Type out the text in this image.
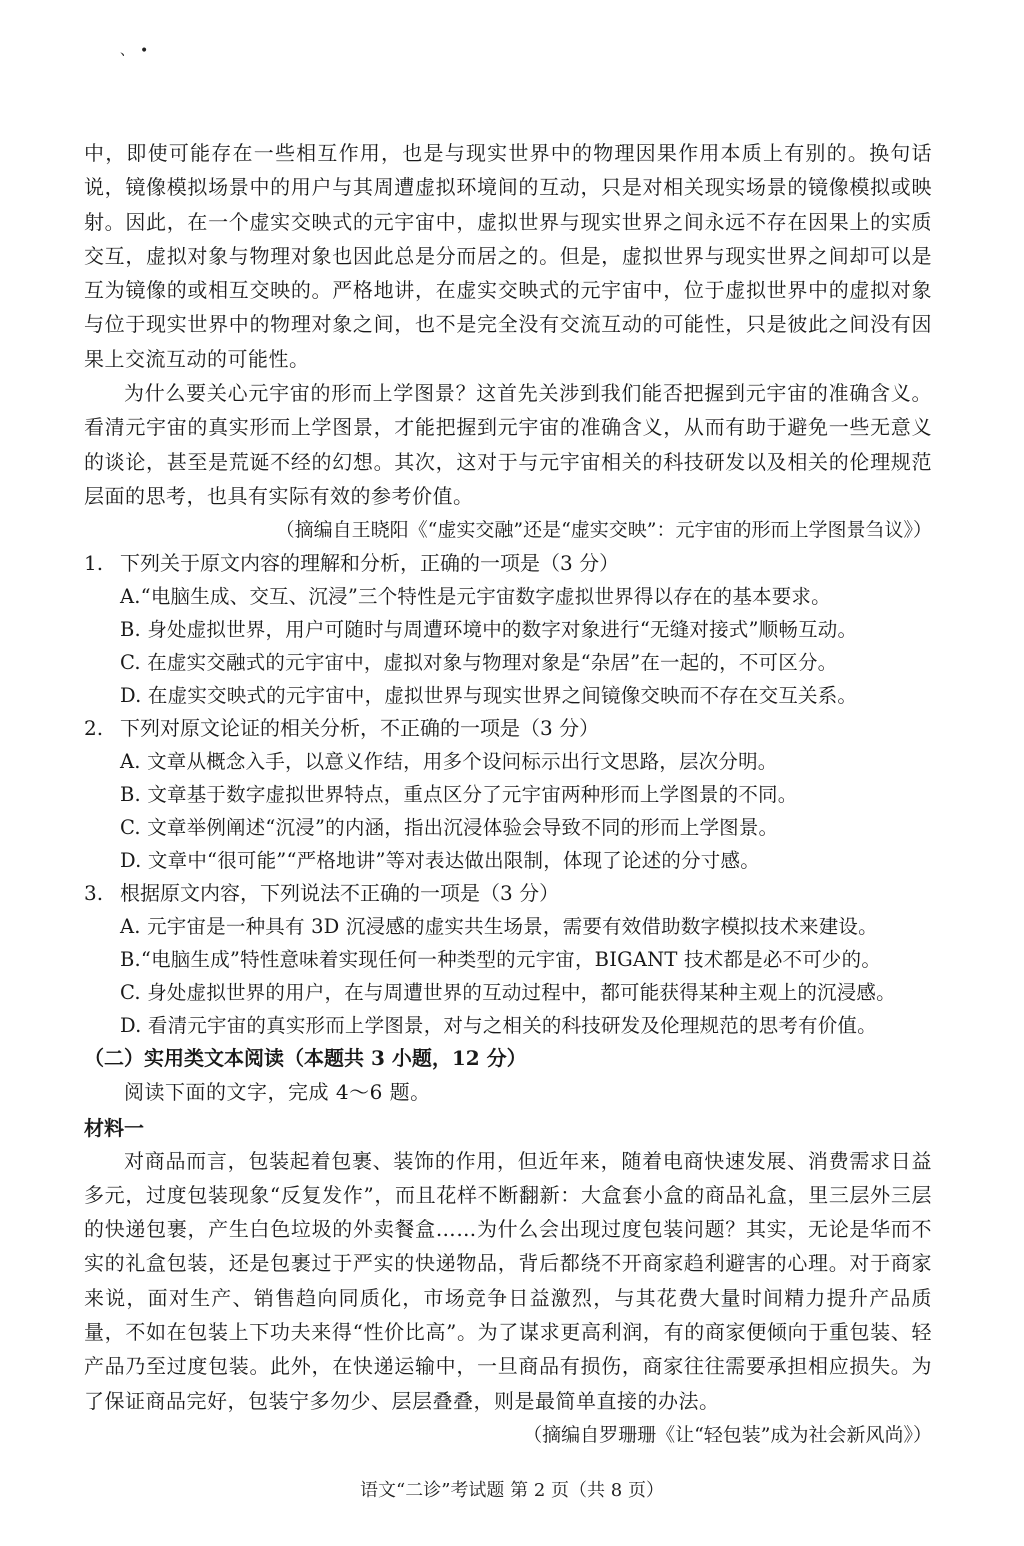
、•

中，即使可能存在一些相互作用，也是与现实世界中的物理因果作用本质上有别的。换句话说，镜像模拟场景中的用户与其周遭虚拟环境间的互动，只是对相关现实场景的镜像模拟或映射。因此，在一个虚实交映式的元宇宙中，虚拟世界与现实世界之间永远不存在因果上的实质交互，虚拟对象与物理对象也因此总是分而居之的。但是，虚拟世界与现实世界之间却可以是互为镜像的或相互交映的。严格地讲，在虚实交映式的元宇宙中，位于虚拟世界中的虚拟对象与位于现实世界中的物理对象之间，也不是完全没有交流互动的可能性，只是彼此之间没有因果上交流互动的可能性。

为什么要关心元宇宙的形而上学图景？这首先关涉到我们能否把握到元宇宙的准确含义。看清元宇宙的真实形而上学图景，才能把握到元宇宙的准确含义，从而有助于避免一些无意义的谈论，甚至是荒诞不经的幻想。其次，这对于与元宇宙相关的科技研发以及相关的伦理规范层面的思考，也具有实际有效的参考价值。

（摘编自王晓阳《“虚实交融”还是“虚实交映”：元宇宙的形而上学图景刍议》）

1. 下列关于原文内容的理解和分析，正确的一项是（3 分）

A.“电脑生成、交互、沉浸”三个特性是元宇宙数字虚拟世界得以存在的基本要求。

B. 身处虚拟世界，用户可随时与周遭环境中的数字对象进行“无缝对接式”顺畅互动。

C. 在虚实交融式的元宇宙中，虚拟对象与物理对象是“杂居”在一起的，不可区分。

D. 在虚实交映式的元宇宙中，虚拟世界与现实世界之间镜像交映而不存在交互关系。

2. 下列对原文论证的相关分析，不正确的一项是（3 分）

A. 文章从概念入手，以意义作结，用多个设问标示出行文思路，层次分明。

B. 文章基于数字虚拟世界特点，重点区分了元宇宙两种形而上学图景的不同。

C. 文章举例阐述“沉浸”的内涵，指出沉浸体验会导致不同的形而上学图景。

D. 文章中“很可能”“严格地讲”等对表达做出限制，体现了论述的分寸感。

3. 根据原文内容，下列说法不正确的一项是（3 分）

A. 元宇宙是一种具有 3D 沉浸感的虚实共生场景，需要有效借助数字模拟技术来建设。

B.“电脑生成”特性意味着实现任何一种类型的元宇宙，BIGANT 技术都是必不可少的。

C. 身处虚拟世界的用户，在与周遭世界的互动过程中，都可能获得某种主观上的沉浸感。

D. 看清元宇宙的真实形而上学图景，对与之相关的科技研发及伦理规范的思考有价值。

（二）实用类文本阅读（本题共 3 小题，12 分）

阅读下面的文字，完成 4～6 题。

材料一

对商品而言，包装起着包裹、装饰的作用，但近年来，随着电商快速发展、消费需求日益多元，过度包装现象“反复发作”，而且花样不断翻新：大盒套小盒的商品礼盒，里三层外三层的快递包裹，产生白色垃圾的外卖餐盒……为什么会出现过度包装问题？其实，无论是华而不实的礼盒包装，还是包裹过于严实的快递物品，背后都绕不开商家趋利避害的心理。对于商家来说，面对生产、销售趋向同质化，市场竞争日益激烈，与其花费大量时间精力提升产品质量，不如在包装上下功夫来得“性价比高”。为了谋求更高利润，有的商家便倾向于重包装、轻产品乃至过度包装。此外，在快递运输中，一旦商品有损伤，商家往往需要承担相应损失。为了保证商品完好，包装宁多勿少、层层叠叠，则是最简单直接的办法。

（摘编自罗珊珊《让“轻包装”成为社会新风尚》）

语文“二诊”考试题 第 2 页（共 8 页）
